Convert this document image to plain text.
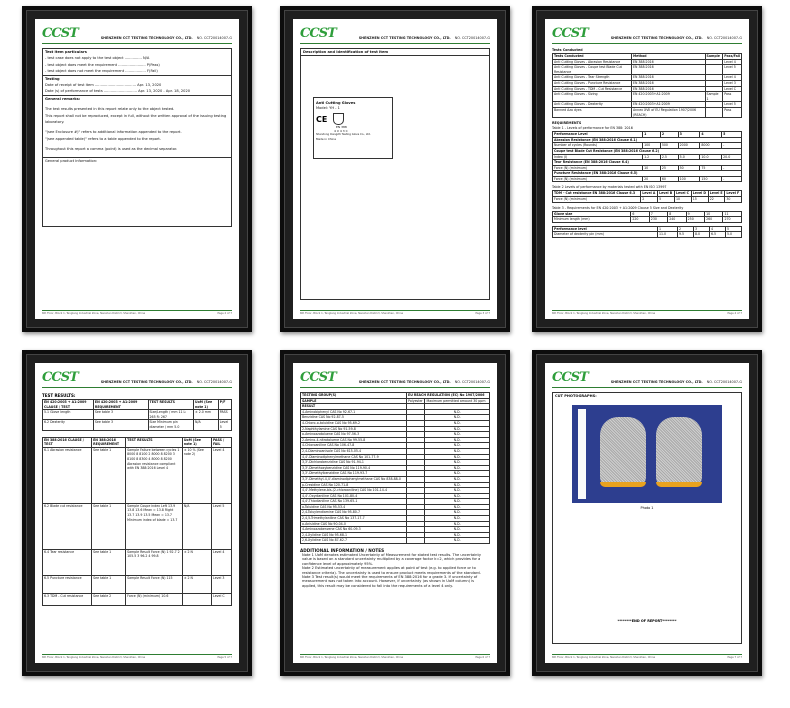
CCST	SHENZHEN CCT TESTING TECHNOLOGY CO., LTD. NO. CCT20014007-G
Test item particulars
- test case does not apply to the test object ............... N/A
- test object does meet the requirement ........................ P(Pass)
- test object does not meet the requirement .................. F(Fail)
Testing
Date of receipt of test item .................................... Apr. 13, 2020
Date (s) of performance of tests ............................. Apr. 13, 2020 - Apr. 18, 2020
General remarks:
The test results presented in this report relate only to the object tested.
This report shall not be reproduced, except in full, without the written approval of the issuing testing
laboratory.
"(see Enclosure #)" refers to additional information appended to the report.
"(see appended table)" refers to a table appended to the report.
Throughout this report a comma (point) is used as the decimal separator.
General product information:
6th Floor, Block 1, Tanglang Industrial Zone, Nanshan District, Shenzhen, China	Page 2 of 7
CCST	SHENZHEN CCT TESTING TECHNOLOGY CO., LTD. NO. CCT20014007-G
Description and identification of test item
Anti Cutting Gloves
Model: YH - 1
CE
EN 388
4 X 4 3 C
Shandong Xiangzhi Testing Glove Co., Ltd.
Made in China
6th Floor, Block 1, Tanglang Industrial Zone, Nanshan District, Shenzhen, China	Page 3 of 7
CCST	SHENZHEN CCT TESTING TECHNOLOGY CO., LTD. NO. CCT20014007-G
Tests Conducted
Tests Conducted	Method	Sample	Pass/Fail
Anti Cutting Gloves - Abrasion Resistance	EN 388:2016		Level 4
Anti Cutting Gloves - Coupe test Blade Cut Resistance	EN 388:2016		Level 5
Anti Cutting Gloves - Tear Strength	EN 388:2016		Level 4
Anti Cutting Gloves - Puncture Resistance	EN 388:2016		Level 3
Anti Cutting Gloves - TDM - Cut Resistance	EN 388:2016		Level C
Anti Cutting Gloves - Sizing	EN 420:2003+A1:2009	Sample 1	Pass
Anti Cutting Gloves - Dexterity	EN 420:2003+A1:2009		Level 5
Banned Azo dyes	Annex XVII of EU Regulation 1907/2006 (REACH)		Pass
REQUIREMENTS
Table 1 - Levels of performance for EN 388: 2016
Performance Level	1	2	3	4	5
Abrasion Resistance (EN 388:2016 Clause 6.1)					
Number of cycles (Rounds)	100	500	2000	8000	-
Coupe test Blade Cut Resistance (EN 388:2016 Clause 6.2)					
Index (I)	1.2	2.5	5.0	10.0	20.0
Tear Resistance (EN 388:2016 Clause 6.4)					
Force (N) (minimum)	10	25	50	75	-
Puncture Resistance (EN 388:2016 Clause 6.5)					
Force (N) (minimum)	20	60	100	150	-
Table 2 Levels of performance by materials tested with EN ISO 13997
TDM - Cut resistance EN 388:2016 Clause 6.3	Level A	Level B	Level C	Level D	Level E	Level F
Force (N) (minimum)	2	5	10	15	22	30
Table 3 - Requirements for EN 420:2003 + A1:2009 Clause 5 Size and Dexterity
Glove size	6	7	8	9	10	11
Minimum length (mm)	220	230	240	250	260	270
Performance level	1	2	3	4	5
Diameter of dexterity pin (mm)	11.0	9.5	8.0	6.5	5.0
6th Floor, Block 1, Tanglang Industrial Zone, Nanshan District, Shenzhen, China	Page 4 of 7
CCST	SHENZHEN CCT TESTING TECHNOLOGY CO., LTD. NO. CCT20014007-G
TEST RESULTS:
EN 420:2003 + A1:2009 CLAUSE / TEST	EN 420:2003 + A1:2009 REQUIREMENT	TEST RESULTS	UoM (See note 1)	P/F
5.1 Glove length	See table 3	Size/Length / mm 11 L: 265 R: 267	± 2.0 mm	PASS
6.2 Dexterity	See table 3	Size Minimum pin diameter / mm 5.0	N/A	Level 5
EN 388:2016 CLAUSE / TEST	EN 388:2016 REQUIREMENT	TEST RESULTS	UoM (See note 1)	PASS / FAIL
6.1 Abrasion resistance	See table 1	Sample Failure between cycles 1 8000 8 8100 2 8000 8 8200 3 8100 8 8300 4 8000 8 8200 Abrasion resistance compliant with EN 388:2016 Level 4	± 10 % (See note 2)	Level 4
6.2 Blade cut resistance	See table 1	Sample Coupe index Left 13.9 13.8 13.6 Mean = 13.8 Right 13.7 13.9 13.5 Mean = 13.7 Minimum index of blade = 13.7	N/A	Level 5
6.4 Tear resistance	See table 1	Sample Result Force (N) 1 92.7 2 105.5 3 96.2 4 99.8	± 2 N	Level 4
6.5 Puncture resistance	See table 1	Sample Result Force (N) 115	± 2 N	Level 3
6.3 TDM - Cut resistance	See table 2	Force (N) (minimum) 10.6		Level C
6th Floor, Block 1, Tanglang Industrial Zone, Nanshan District, Shenzhen, China	Page 5 of 7
CCST	SHENZHEN CCT TESTING TECHNOLOGY CO., LTD. NO. CCT20014007-G
TESTING GROUP(S)	EU REACH REGULATION (EC) No 1907/2006	
SAMPLE	Polyester	Maximum permitted amount 30 ppm
RESULT		
4-Aminobiphenyl CAS No 92-67-1		N.D.
Benzidine CAS No 92-87-5		N.D.
4-Chloro-o-toluidine CAS No 95-69-2		N.D.
2-Naphthylamine CAS No 91-59-8		N.D.
o-Aminoazotoluene CAS No 97-56-3		N.D.
2-Amino-4-nitrotoluene CAS No 99-55-8		N.D.
4-Chloroaniline CAS No 106-47-8		N.D.
2,4-Diaminoanisole CAS No 615-05-4		N.D.
4,4'-Diaminodiphenylmethane CAS No 101-77-9		N.D.
3,3'-Dichlorobenzidine CAS No 91-94-1		N.D.
3,3'-Dimethoxybenzidine CAS No 119-90-4		N.D.
3,3'-Dimethylbenzidine CAS No 119-93-7		N.D.
3,3'-Dimethyl-4,4'-diaminodiphenylmethane CAS No 838-88-0		N.D.
p-Cresidine CAS No 120-71-8		N.D.
4,4'-Methylene-bis-(2-chloroaniline) CAS No 101-14-4		N.D.
4,4'-Oxydianiline CAS No 101-80-4		N.D.
4,4'-Thiodianiline CAS No 139-65-1		N.D.
o-Toluidine CAS No 95-53-4		N.D.
2,4-Toluylendiamine CAS No 95-80-7		N.D.
2,4,5-Trimethylaniline CAS No 137-17-7		N.D.
o-Anisidine CAS No 90-04-0		N.D.
4-Aminoazobenzene CAS No 60-09-3		N.D.
2,4-Xylidine CAS No 95-68-1		N.D.
2,6-Xylidine CAS No 87-62-7		N.D.
ADDITIONAL INFORMATION / NOTES
Note 1 UoM denotes estimated Uncertainty of Measurement for stated test results. The uncertainty value is based on a standard uncertainty multiplied by a coverage factor k=2, which provides for a confidence level of approximately 95%.
Note 2 Estimated uncertainty of measurement applies at point of test (e.g. to applied force or to resistance criteria). The uncertainty is used to ensure product meets requirements of the standard.
Note 3 Test result(s) would meet the requirements of EN 388:2016 for a grade 3. If uncertainty of measurement was not taken into account. However, if uncertainty (as shown in UoM column) is applied, this result may be considered to fall into the requirements of a level 4 only.
6th Floor, Block 1, Tanglang Industrial Zone, Nanshan District, Shenzhen, China	Page 6 of 7
CCST	SHENZHEN CCT TESTING TECHNOLOGY CO., LTD. NO. CCT20014007-G
CUT PHOTOGRAPHS:
Photo 1
********END OF REPORT********
6th Floor, Block 1, Tanglang Industrial Zone, Nanshan District, Shenzhen, China	Page 7 of 7
